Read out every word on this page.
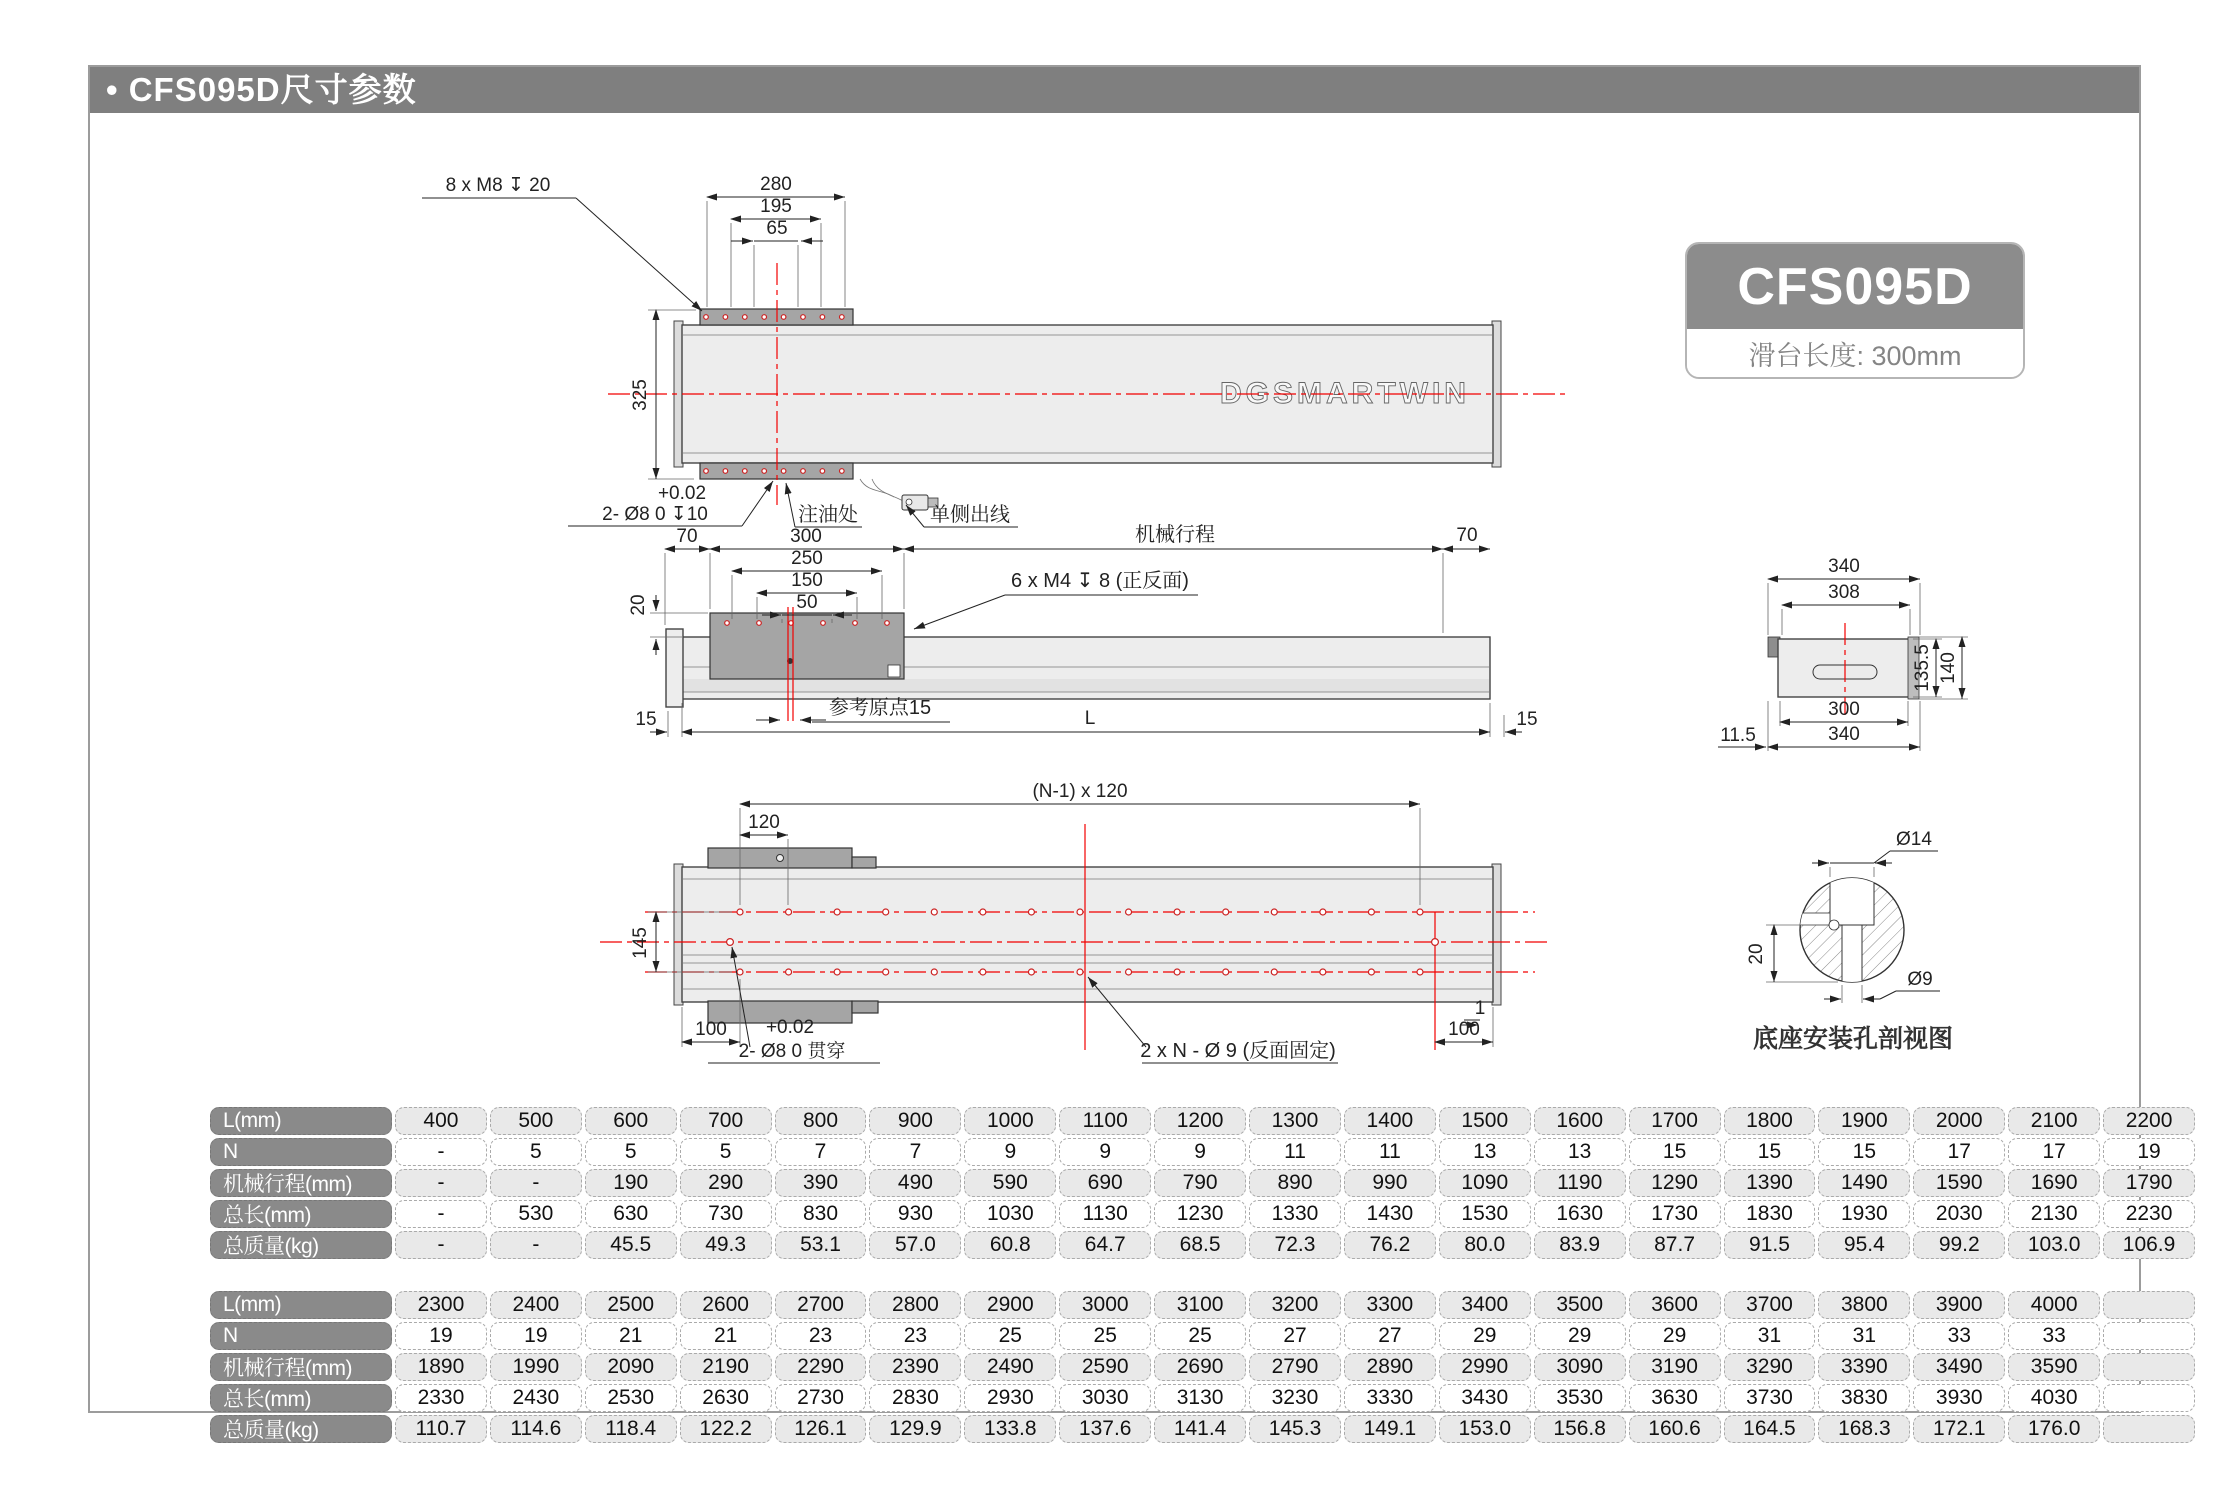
• CFS095D尺寸参数
CFS095D
滑台长度: 300mm
DGSMARTWIN
280
195
65
8 x M8 ↧ 20
325
+0.02
2- Ø8 0 ↧10	注油处	单侧出线
70	300
250
150
50
20
6 x M4 ↧ 8 (正反面)
机械行程	70
参考原点15
15	L	15
340
308
300
340
11.5
135.5 140
(N-1) x 120
120
145
100	100
1
+0.02
2- Ø8 0 贯穿	2 x N - Ø 9 (反面固定)
Ø14
Ø9
20
底座安装孔剖视图
L(mm)	400	500	600	700	800	900	1000	1100	1200	1300	1400	1500	1600	1700	1800	1900	2000	2100	2200
N	-	5	5	5	7	7	9	9	9	11	11	13	13	15	15	15	17	17	19
机械行程(mm)	-	-	190	290	390	490	590	690	790	890	990	1090	1190	1290	1390	1490	1590	1690	1790
总长(mm)	-	530	630	730	830	930	1030	1130	1230	1330	1430	1530	1630	1730	1830	1930	2030	2130	2230
总质量(kg)	-	-	45.5	49.3	53.1	57.0	60.8	64.7	68.5	72.3	76.2	80.0	83.9	87.7	91.5	95.4	99.2	103.0	106.9
L(mm)	2300	2400	2500	2600	2700	2800	2900	3000	3100	3200	3300	3400	3500	3600	3700	3800	3900	4000
N	19	19	21	21	23	23	25	25	25	27	27	29	29	29	31	31	33	33
机械行程(mm)	1890	1990	2090	2190	2290	2390	2490	2590	2690	2790	2890	2990	3090	3190	3290	3390	3490	3590
总长(mm)	2330	2430	2530	2630	2730	2830	2930	3030	3130	3230	3330	3430	3530	3630	3730	3830	3930	4030
总质量(kg)	110.7	114.6	118.4	122.2	126.1	129.9	133.8	137.6	141.4	145.3	149.1	153.0	156.8	160.6	164.5	168.3	172.1	176.0
